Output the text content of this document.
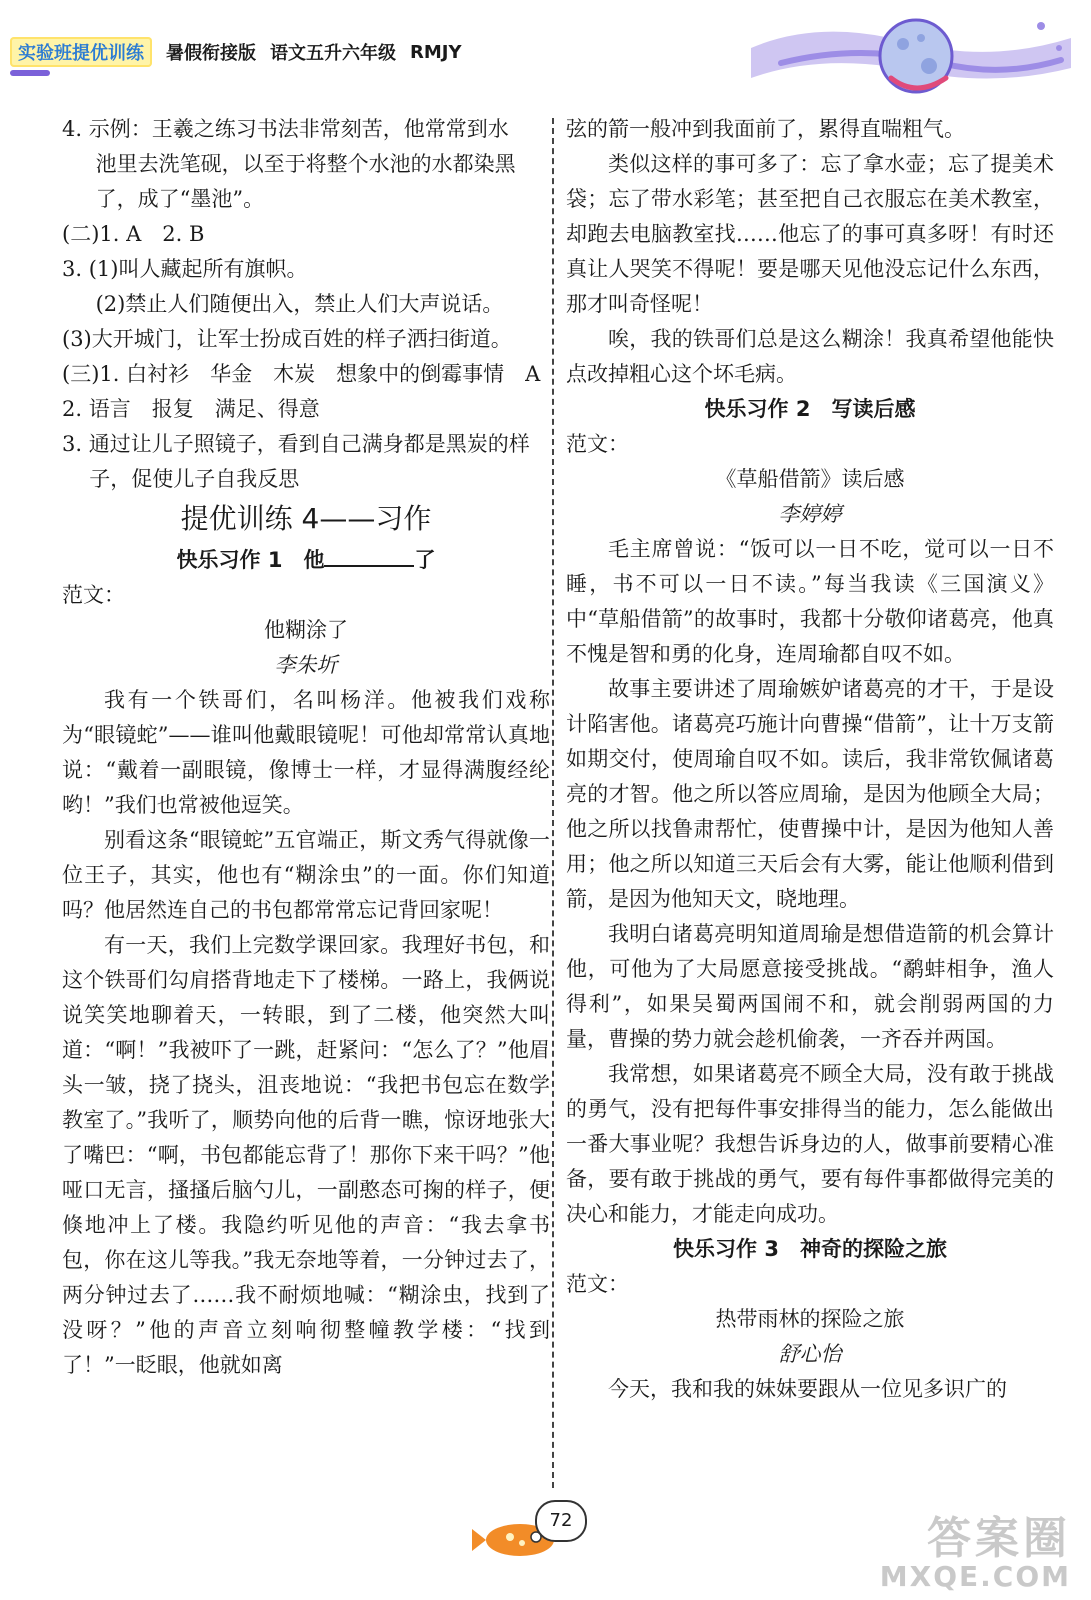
实验班提优训练	暑假衔接版 语文五升六年级 RMJY

4. 示例：王羲之练习书法非常刻苦，他常常到水

池里去洗笔砚，以至于将整个水池的水都染黑

了，成了“墨池”。

(二)1. A　2. B

3. (1)叫人藏起所有旗帜。

(2)禁止人们随便出入，禁止人们大声说话。

(3)大开城门，让军士扮成百姓的样子洒扫街道。

(三)1. 白衬衫　华金　木炭　想象中的倒霉事情　A

2. 语言　报复　满足、得意

3. 通过让儿子照镜子，看到自己满身都是黑炭的样子，促使儿子自我反思

提优训练 4——习作

快乐习作 1　他	了

范文：

他糊涂了

李朱圻

我有一个铁哥们，名叫杨洋。他被我们戏称为“眼镜蛇”——谁叫他戴眼镜呢！可他却常常认真地说：“戴着一副眼镜，像博士一样，才显得满腹经纶哟！”我们也常被他逗笑。

别看这条“眼镜蛇”五官端正，斯文秀气得就像一位王子，其实，他也有“糊涂虫”的一面。你们知道吗？他居然连自己的书包都常常忘记背回家呢！

有一天，我们上完数学课回家。我理好书包，和这个铁哥们勾肩搭背地走下了楼梯。一路上，我俩说说笑笑地聊着天，一转眼，到了二楼，他突然大叫道：“啊！”我被吓了一跳，赶紧问：“怎么了？”他眉头一皱，挠了挠头，沮丧地说：“我把书包忘在数学教室了。”我听了，顺势向他的后背一瞧，惊讶地张大了嘴巴：“啊，书包都能忘背了！那你下来干吗？”他哑口无言，搔搔后脑勺儿，一副憨态可掬的样子，便倏地冲上了楼。我隐约听见他的声音：“我去拿书包，你在这儿等我。”我无奈地等着，一分钟过去了，两分钟过去了……我不耐烦地喊：“糊涂虫，找到了没呀？”他的声音立刻响彻整幢教学楼：“找到了！”一眨眼，他就如离

弦的箭一般冲到我面前了，累得直喘粗气。

类似这样的事可多了：忘了拿水壶；忘了提美术袋；忘了带水彩笔；甚至把自己衣服忘在美术教室，却跑去电脑教室找……他忘了的事可真多呀！有时还真让人哭笑不得呢！要是哪天见他没忘记什么东西，那才叫奇怪呢！

唉，我的铁哥们总是这么糊涂！我真希望他能快点改掉粗心这个坏毛病。

快乐习作 2　写读后感

范文：

《草船借箭》读后感

李婷婷

毛主席曾说：“饭可以一日不吃，觉可以一日不睡，书不可以一日不读。”每当我读《三国演义》中“草船借箭”的故事时，我都十分敬仰诸葛亮，他真不愧是智和勇的化身，连周瑜都自叹不如。

故事主要讲述了周瑜嫉妒诸葛亮的才干，于是设计陷害他。诸葛亮巧施计向曹操“借箭”，让十万支箭如期交付，使周瑜自叹不如。读后，我非常钦佩诸葛亮的才智。他之所以答应周瑜，是因为他顾全大局；他之所以找鲁肃帮忙，使曹操中计，是因为他知人善用；他之所以知道三天后会有大雾，能让他顺利借到箭，是因为他知天文，晓地理。

我明白诸葛亮明知道周瑜是想借造箭的机会算计他，可他为了大局愿意接受挑战。“鹬蚌相争，渔人得利”，如果吴蜀两国闹不和，就会削弱两国的力量，曹操的势力就会趁机偷袭，一齐吞并两国。

我常想，如果诸葛亮不顾全大局，没有敢于挑战的勇气，没有把每件事安排得当的能力，怎么能做出一番大事业呢？我想告诉身边的人，做事前要精心准备，要有敢于挑战的勇气，要有每件事都做得完美的决心和能力，才能走向成功。

快乐习作 3　神奇的探险之旅

范文：

热带雨林的探险之旅

舒心怡

今天，我和我的妹妹要跟从一位见多识广的

72	答案圈
MXQE.COM
